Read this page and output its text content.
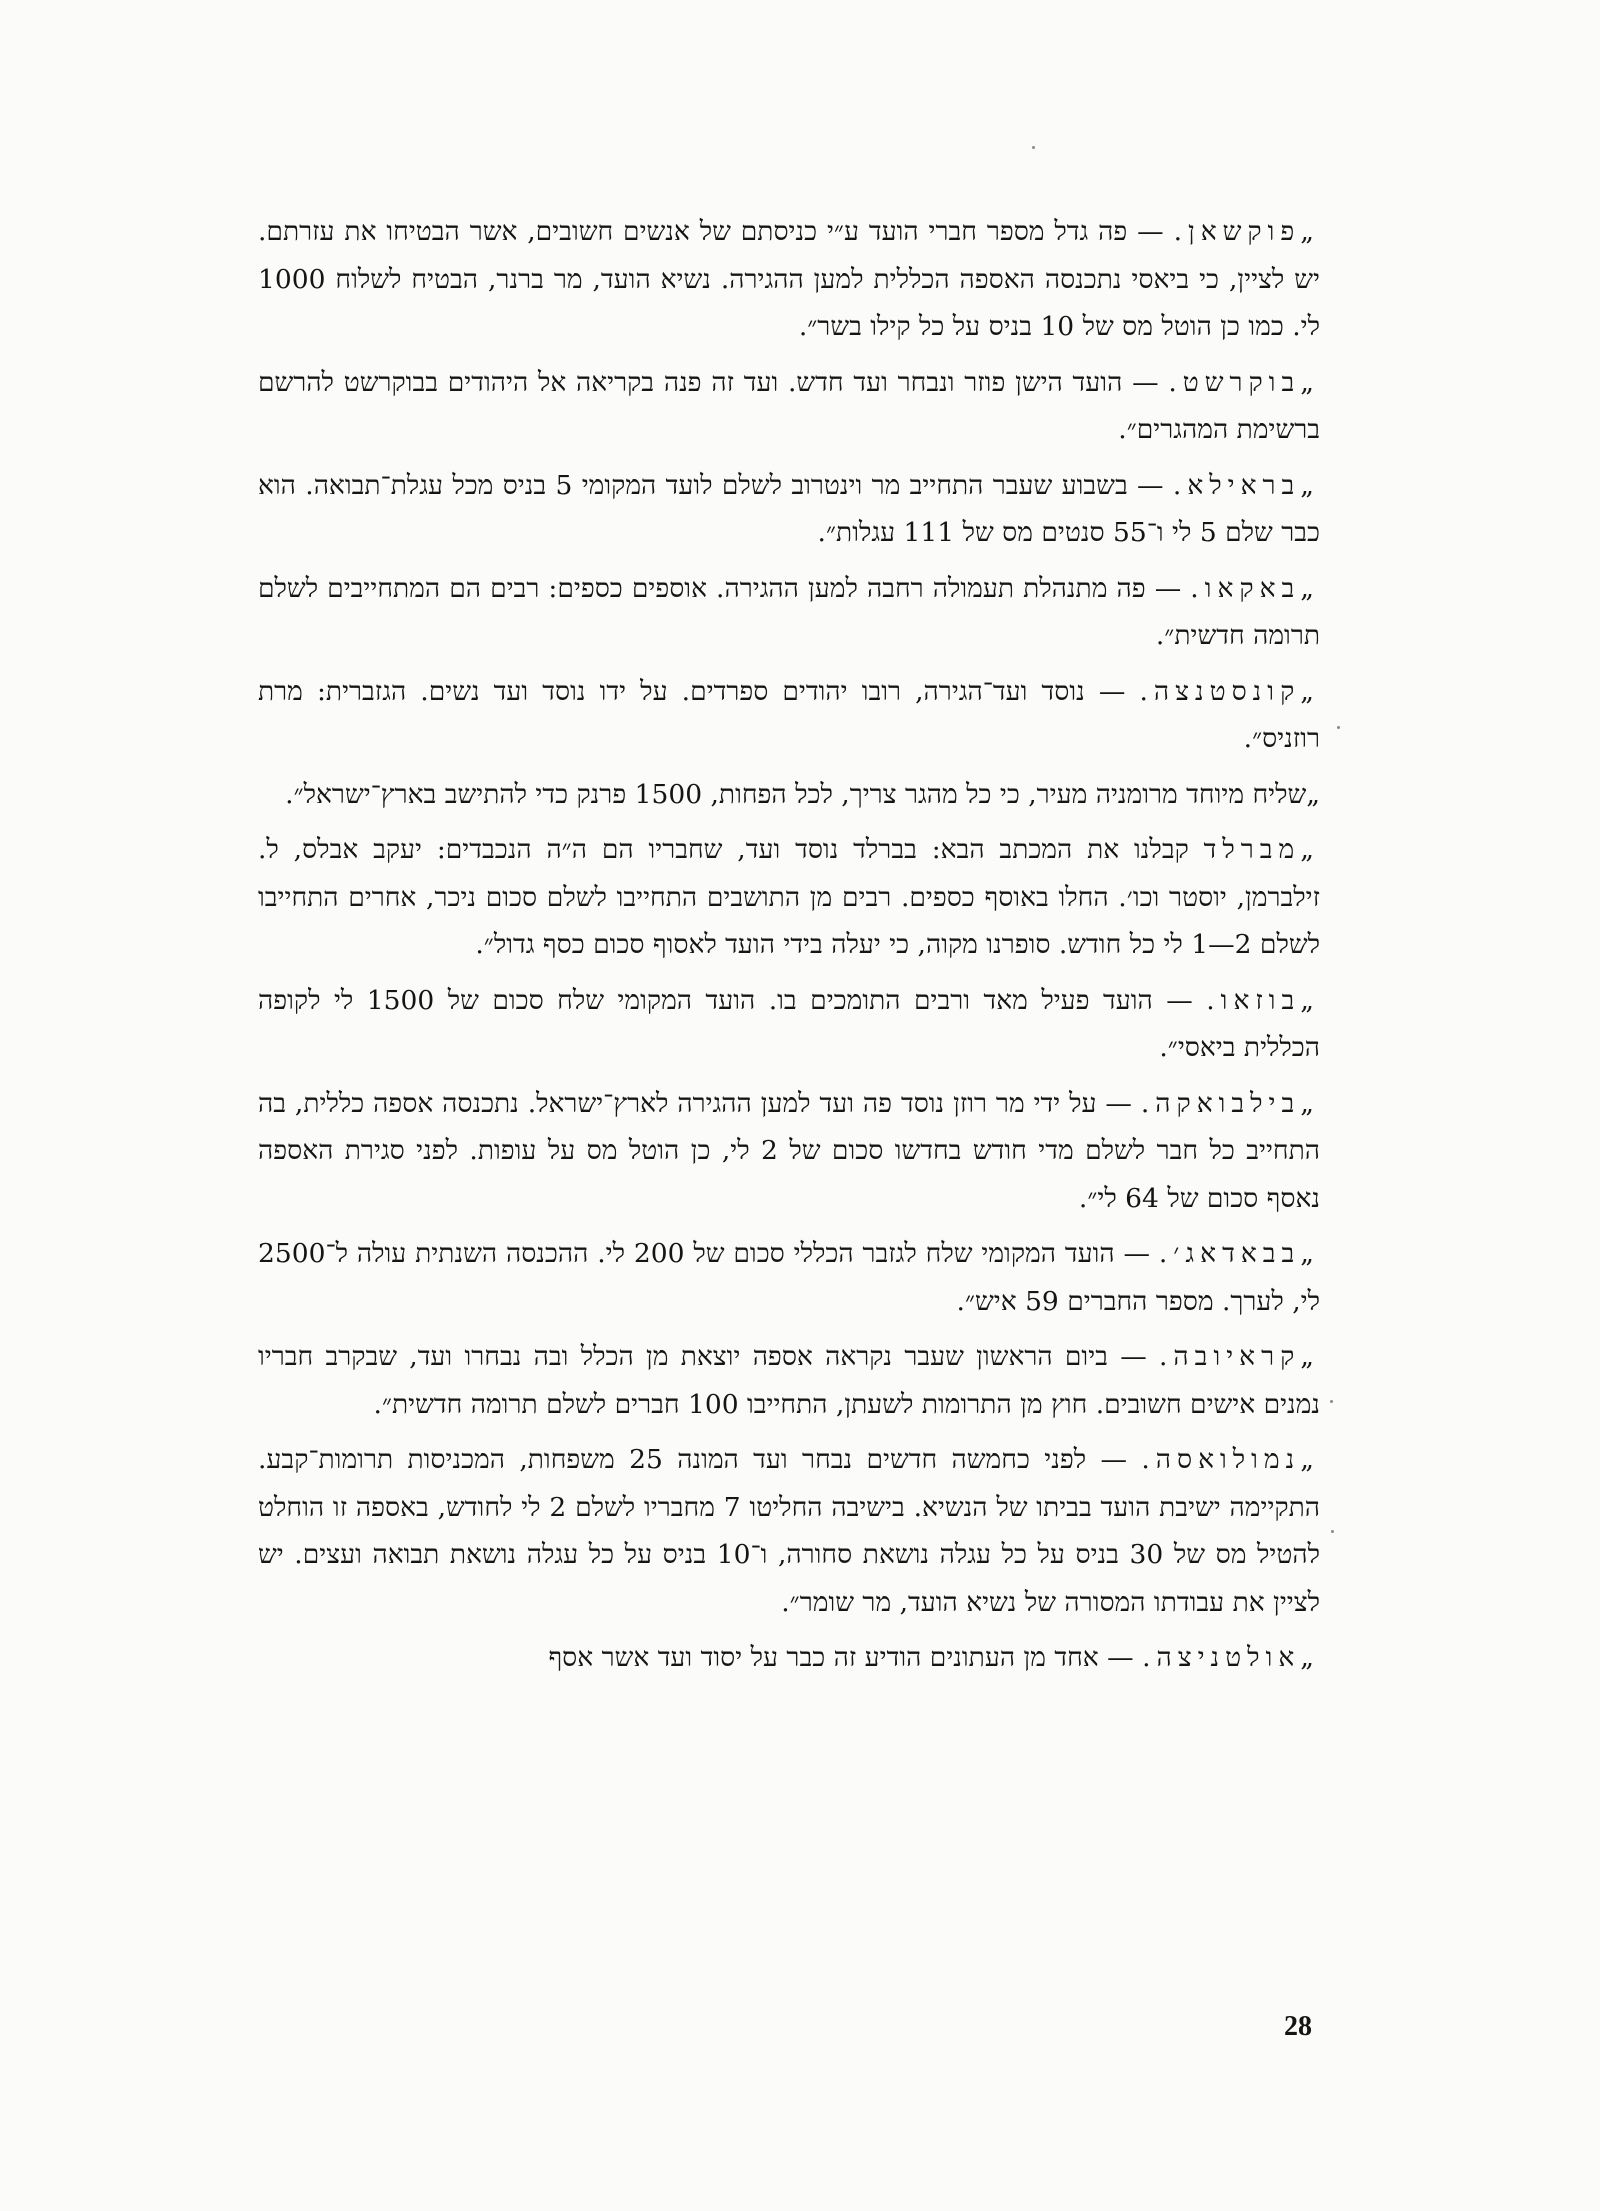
„פוקשאן. — פה גדל מספר חברי הועד ע״י כניסתם של אנשים חשובים, אשר הבטיחו את עזרתם. יש לציין, כי ביאסי נתכנסה האספה הכללית למען ההגירה. נשיא הועד, מר ברנר, הבטיח לשלוח 1000 לי. כמו כן הוטל מס של 10 בניס על כל קילו בשר״.

„בוקרשט. — הועד הישן פוזר ונבחר ועד חדש. ועד זה פנה בקריאה אל היהודים בבוקרשט להרשם ברשימת המהגרים״.

„בראילא. — בשבוע שעבר התחייב מר וינטרוב לשלם לועד המקומי 5 בניס מכל עגלת־תבואה. הוא כבר שלם 5 לי ו־55 סנטים מס של 111 עגלות״.

„באקאו. — פה מתנהלת תעמולה רחבה למען ההגירה. אוספים כספים: רבים הם המתחייבים לשלם תרומה חדשית״.

„קונסטנצה. — נוסד ועד־הגירה, רובו יהודים ספרדים. על ידו נוסד ועד נשים. הגזברית: מרת רוזניס״.

„שליח מיוחד מרומניה מעיר, כי כל מהגר צריך, לכל הפחות, 1500 פרנק כדי להתישב בארץ־ישראל״.

„מברלד קבלנו את המכתב הבא: בברלד נוסד ועד, שחבריו הם ה״ה הנכבדים: יעקב אבלס, ל. זילברמן, יוסטר וכו׳. החלו באוסף כספים. רבים מן התושבים התחייבו לשלם סכום ניכר, אחרים התחייבו לשלם 2—1 לי כל חודש. סופרנו מקוה, כי יעלה בידי הועד לאסוף סכום כסף גדול״.

„בוזאו. — הועד פעיל מאד ורבים התומכים בו. הועד המקומי שלח סכום של 1500 לי לקופה הכללית ביאסי״.

„בילבואקה. — על ידי מר רוזן נוסד פה ועד למען ההגירה לארץ־ישראל. נתכנסה אספה כללית, בה התחייב כל חבר לשלם מדי חודש בחדשו סכום של 2 לי, כן הוטל מס על עופות. לפני סגירת האספה נאסף סכום של 64 לי״.

„בבאדאג׳. — הועד המקומי שלח לגזבר הכללי סכום של 200 לי. ההכנסה השנתית עולה ל־2500 לי, לערך. מספר החברים 59 איש״.

„קראיובה. — ביום הראשון שעבר נקראה אספה יוצאת מן הכלל ובה נבחרו ועד, שבקרב חבריו נמנים אישים חשובים. חוץ מן התרומות לשעתן, התחייבו 100 חברים לשלם תרומה חדשית״.

„נמולואסה. — לפני כחמשה חדשים נבחר ועד המונה 25 משפחות, המכניסות תרומות־קבע. התקיימה ישיבת הועד בביתו של הנשיא. בישיבה החליטו 7 מחבריו לשלם 2 לי לחודש, באספה זו הוחלט להטיל מס של 30 בניס על כל עגלה נושאת סחורה, ו־10 בניס על כל עגלה נושאת תבואה ועצים. יש לציין את עבודתו המסורה של נשיא הועד, מר שומר״.

„אולטניצה. — אחד מן העתונים הודיע זה כבר על יסוד ועד אשר אסף

28
